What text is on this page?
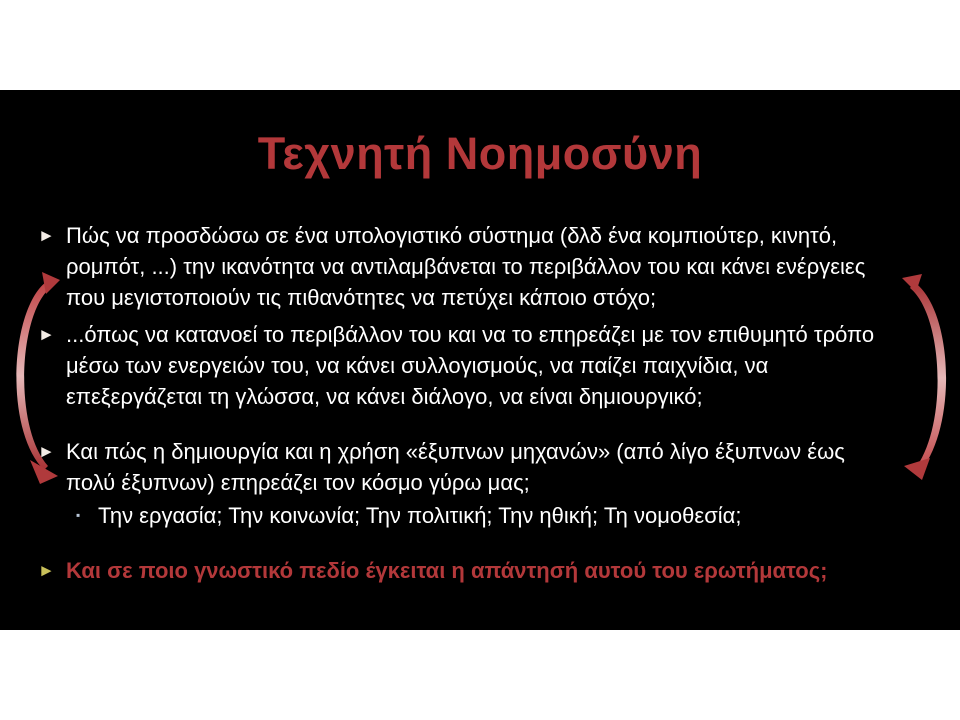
Τεχνητή Νοημοσύνη
► Πώς να προσδώσω σε ένα υπολογιστικό σύστημα (δλδ ένα κομπιούτερ, κινητό, ρομπότ, ...) την ικανότητα να αντιλαμβάνεται το περιβάλλον του και κάνει ενέργειες που μεγιστοποιούν τις πιθανότητες να πετύχει κάποιο στόχο;
► ...όπως να κατανοεί το περιβάλλον του και να το επηρεάζει με τον επιθυμητό τρόπο μέσω των ενεργειών του, να κάνει συλλογισμούς, να παίζει παιχνίδια, να επεξεργάζεται τη γλώσσα, να κάνει διάλογο, να είναι δημιουργικό;
► Και πώς η δημιουργία και η χρήση «έξυπνων μηχανών» (από λίγο έξυπνων έως πολύ έξυπνων) επηρεάζει τον κόσμο γύρω μας;
▪ Την εργασία; Την κοινωνία; Την πολιτική; Την ηθική; Τη νομοθεσία;
► Και σε ποιο γνωστικό πεδίο έγκειται η απάντησή αυτού του ερωτήματος;
